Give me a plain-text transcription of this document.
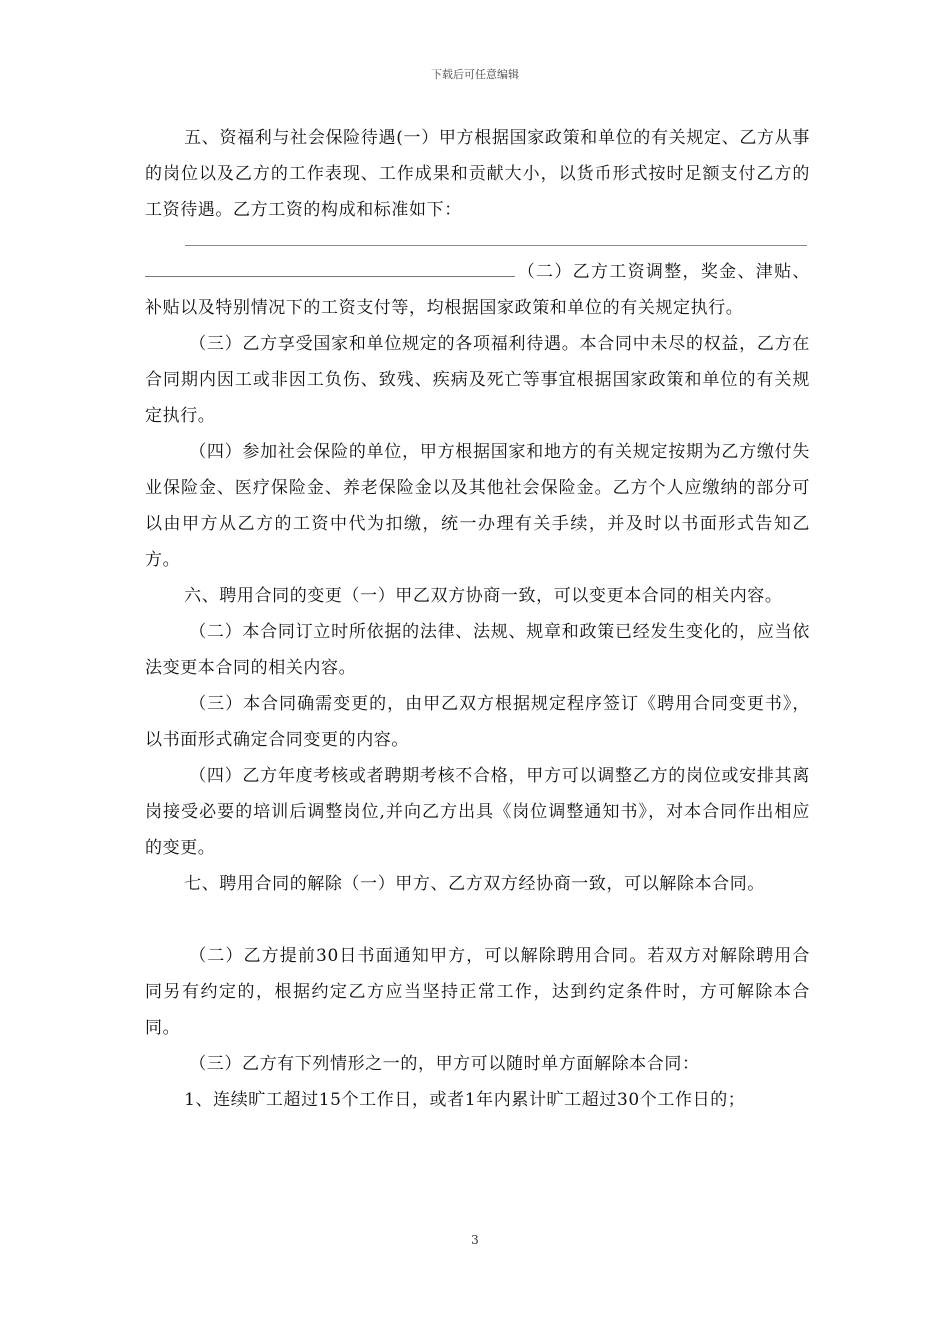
下载后可任意编辑

五、资福利与社会保险待遇(一）甲方根据国家政策和单位的有关规定、乙方从事的岗位以及乙方的工作表现、工作成果和贡献大小，以货币形式按时足额支付乙方的工资待遇。乙方工资的构成和标准如下：

（二）乙方工资调整，奖金、津贴、补贴以及特别情况下的工资支付等，均根据国家政策和单位的有关规定执行。

（三）乙方享受国家和单位规定的各项福利待遇。本合同中未尽的权益，乙方在合同期内因工或非因工负伤、致残、疾病及死亡等事宜根据国家政策和单位的有关规定执行。

（四）参加社会保险的单位，甲方根据国家和地方的有关规定按期为乙方缴付失业保险金、医疗保险金、养老保险金以及其他社会保险金。乙方个人应缴纳的部分可以由甲方从乙方的工资中代为扣缴，统一办理有关手续，并及时以书面形式告知乙方。

六、聘用合同的变更（一）甲乙双方协商一致，可以变更本合同的相关内容。

（二）本合同订立时所依据的法律、法规、规章和政策已经发生变化的，应当依法变更本合同的相关内容。

（三）本合同确需变更的，由甲乙双方根据规定程序签订《聘用合同变更书》，以书面形式确定合同变更的内容。

（四）乙方年度考核或者聘期考核不合格，甲方可以调整乙方的岗位或安排其离岗接受必要的培训后调整岗位,并向乙方出具《岗位调整通知书》，对本合同作出相应的变更。

七、聘用合同的解除（一）甲方、乙方双方经协商一致，可以解除本合同。

（二）乙方提前30日书面通知甲方，可以解除聘用合同。若双方对解除聘用合同另有约定的，根据约定乙方应当坚持正常工作，达到约定条件时，方可解除本合同。

（三）乙方有下列情形之一的，甲方可以随时单方面解除本合同：

1、连续旷工超过15个工作日，或者1年内累计旷工超过30个工作日的；

3
